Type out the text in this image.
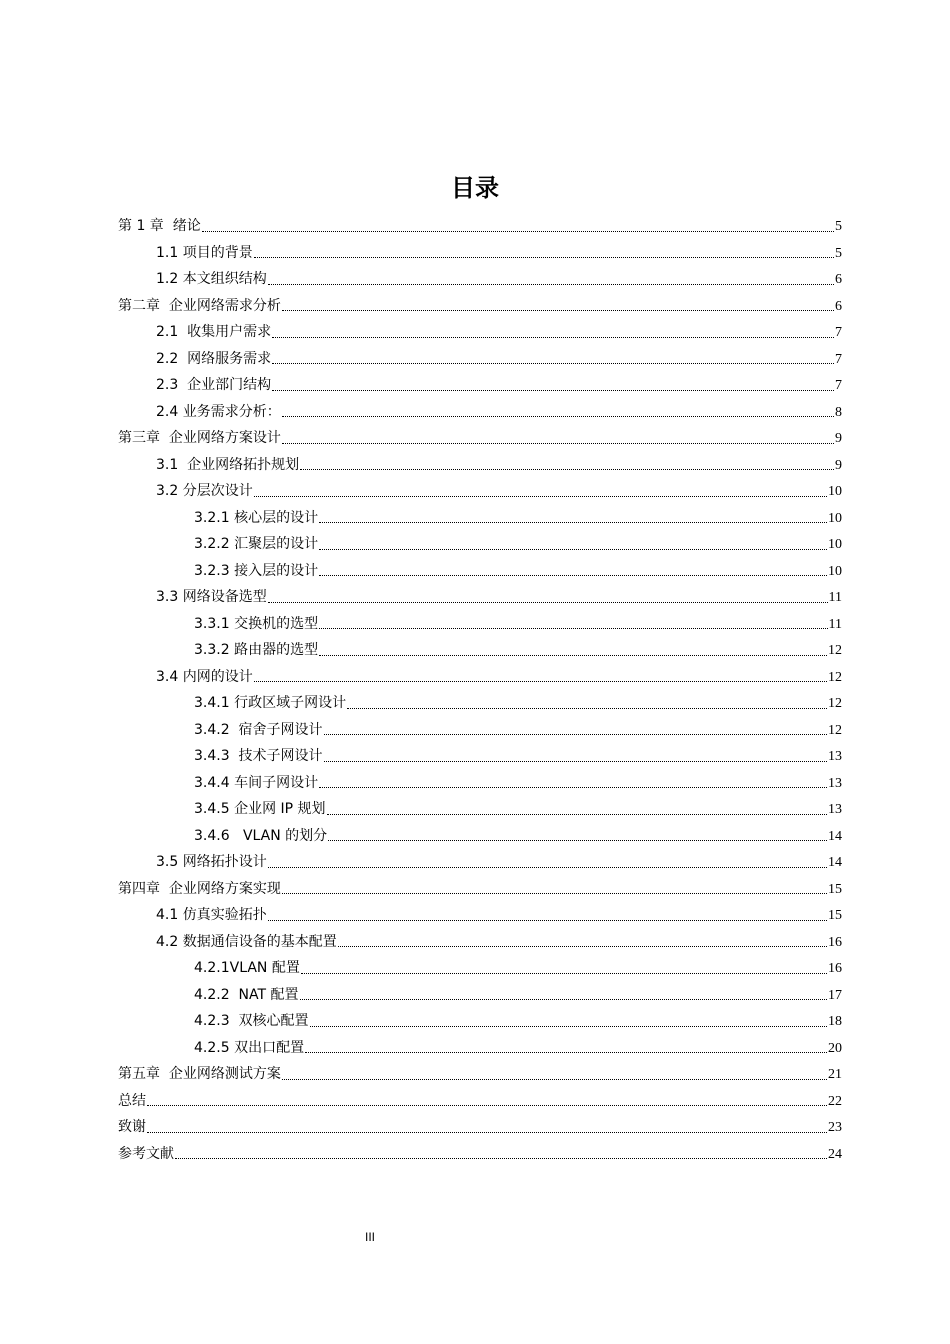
目录
第 1 章  绪论	5
1.1 项目的背景	5
1.2 本文组织结构	6
第二章  企业网络需求分析	6
2.1  收集用户需求	7
2.2  网络服务需求	7
2.3  企业部门结构	7
2.4 业务需求分析：	8
第三章  企业网络方案设计	9
3.1  企业网络拓扑规划	9
3.2 分层次设计	10
3.2.1 核心层的设计	10
3.2.2 汇聚层的设计	10
3.2.3 接入层的设计	10
3.3 网络设备选型	11
3.3.1 交换机的选型	11
3.3.2 路由器的选型	12
3.4 内网的设计	12
3.4.1 行政区域子网设计	12
3.4.2  宿舍子网设计	12
3.4.3  技术子网设计	13
3.4.4 车间子网设计	13
3.4.5 企业网 IP 规划	13
3.4.6   VLAN 的划分	14
3.5 网络拓扑设计	14
第四章  企业网络方案实现	15
4.1 仿真实验拓扑	15
4.2 数据通信设备的基本配置	16
4.2.1VLAN 配置	16
4.2.2  NAT 配置	17
4.2.3  双核心配置	18
4.2.5 双出口配置	20
第五章  企业网络测试方案	21
总结	22
致谢	23
参考文献	24
III
